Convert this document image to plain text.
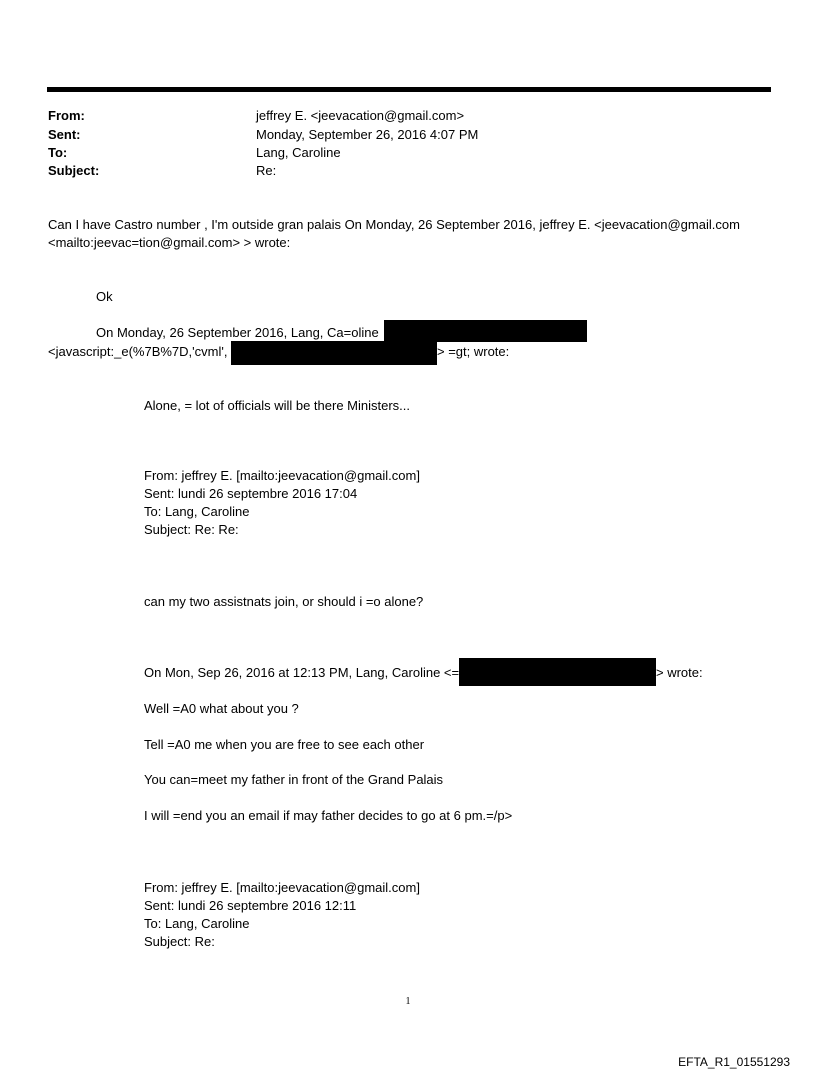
From:	jeffrey E. <jeevacation@gmail.com>
Sent:	Monday, September 26, 2016 4:07 PM
To:	Lang, Caroline
Subject:	Re:
Can I have Castro number , I'm outside gran palais On Monday, 26 September 2016, jeffrey E. <jeevacation@gmail.com
<mailto:jeevac=tion@gmail.com> > wrote:
Ok
On Monday, 26 September 2016, Lang, Ca=oline
<javascript:_e(%7B%7D,'cvml',	> =gt; wrote:
Alone, = lot of officials will be there Ministers...
From: jeffrey E. [mailto:jeevacation@gmail.com]
Sent: lundi 26 septembre 2016 17:04
To: Lang, Caroline
Subject: Re: Re:
can my two assistnats join, or should i =o alone?
On Mon, Sep 26, 2016 at 12:13 PM, Lang, Caroline <=	> wrote:
Well =A0 what about you ?
Tell =A0 me when you are free to see each other
You can=meet my father in front of the Grand Palais
I will =end you an email if may father decides to go at 6 pm.=/p>
From: jeffrey E. [mailto:jeevacation@gmail.com]
Sent: lundi 26 septembre 2016 12:11
To: Lang, Caroline
Subject: Re:
1
EFTA_R1_01551293
